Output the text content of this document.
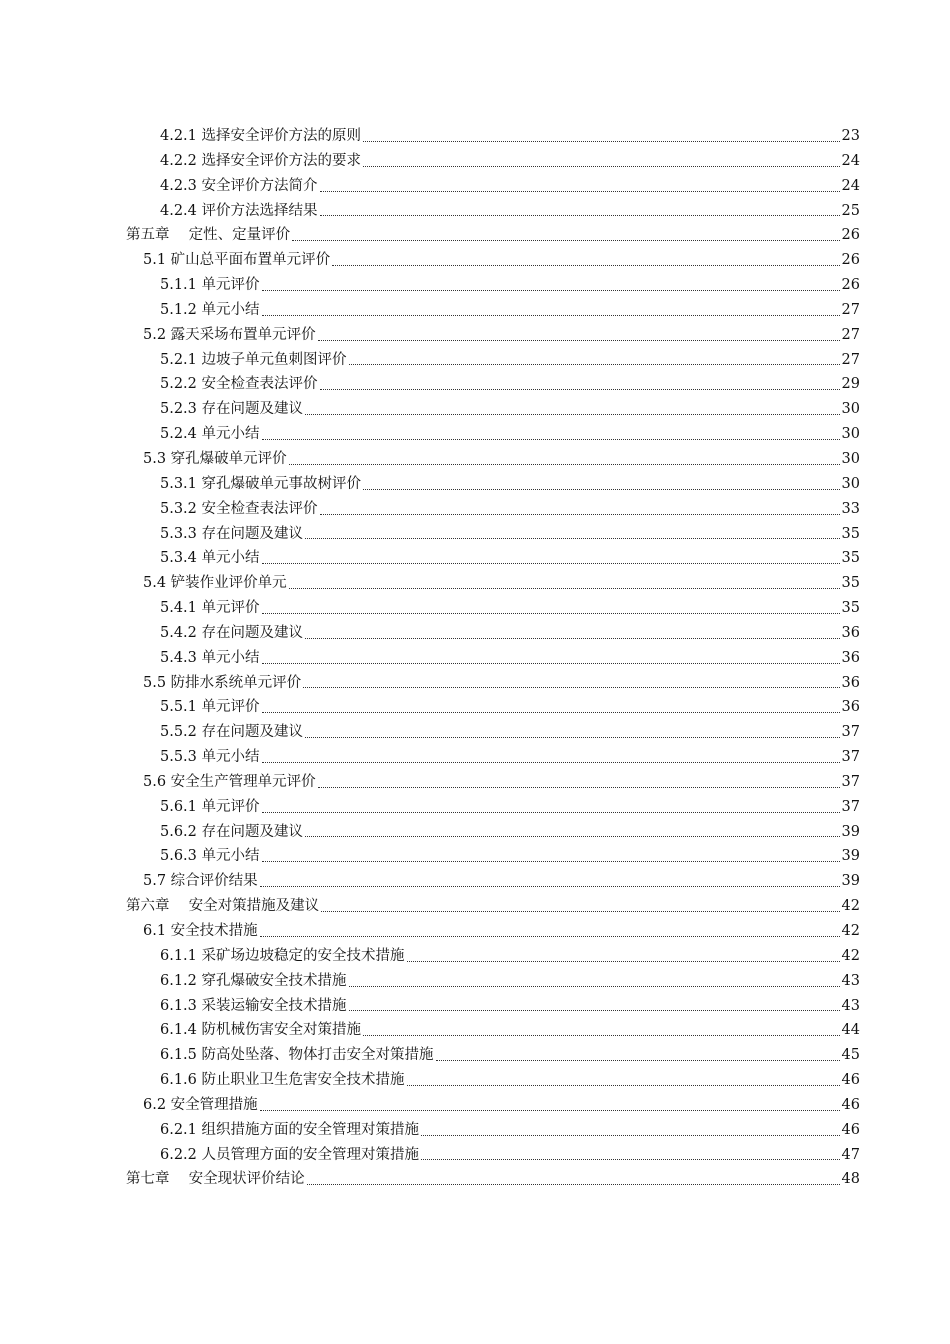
4.2.1 选择安全评价方法的原则	23
4.2.2 选择安全评价方法的要求	24
4.2.3 安全评价方法简介	24
4.2.4 评价方法选择结果	25
第五章　 定性、定量评价	26
5.1 矿山总平面布置单元评价	26
5.1.1 单元评价	26
5.1.2 单元小结	27
5.2 露天采场布置单元评价	27
5.2.1 边坡子单元鱼刺图评价	27
5.2.2 安全检查表法评价	29
5.2.3 存在问题及建议	30
5.2.4 单元小结	30
5.3 穿孔爆破单元评价	30
5.3.1 穿孔爆破单元事故树评价	30
5.3.2 安全检查表法评价	33
5.3.3 存在问题及建议	35
5.3.4 单元小结	35
5.4 铲装作业评价单元	35
5.4.1 单元评价	35
5.4.2 存在问题及建议	36
5.4.3 单元小结	36
5.5 防排水系统单元评价	36
5.5.1 单元评价	36
5.5.2 存在问题及建议	37
5.5.3 单元小结	37
5.6 安全生产管理单元评价	37
5.6.1 单元评价	37
5.6.2 存在问题及建议	39
5.6.3 单元小结	39
5.7 综合评价结果	39
第六章　 安全对策措施及建议	42
6.1 安全技术措施	42
6.1.1 采矿场边坡稳定的安全技术措施	42
6.1.2 穿孔爆破安全技术措施	43
6.1.3 采装运输安全技术措施	43
6.1.4 防机械伤害安全对策措施	44
6.1.5 防高处坠落、物体打击安全对策措施	45
6.1.6 防止职业卫生危害安全技术措施	46
6.2 安全管理措施	46
6.2.1 组织措施方面的安全管理对策措施	46
6.2.2 人员管理方面的安全管理对策措施	47
第七章　 安全现状评价结论	48
